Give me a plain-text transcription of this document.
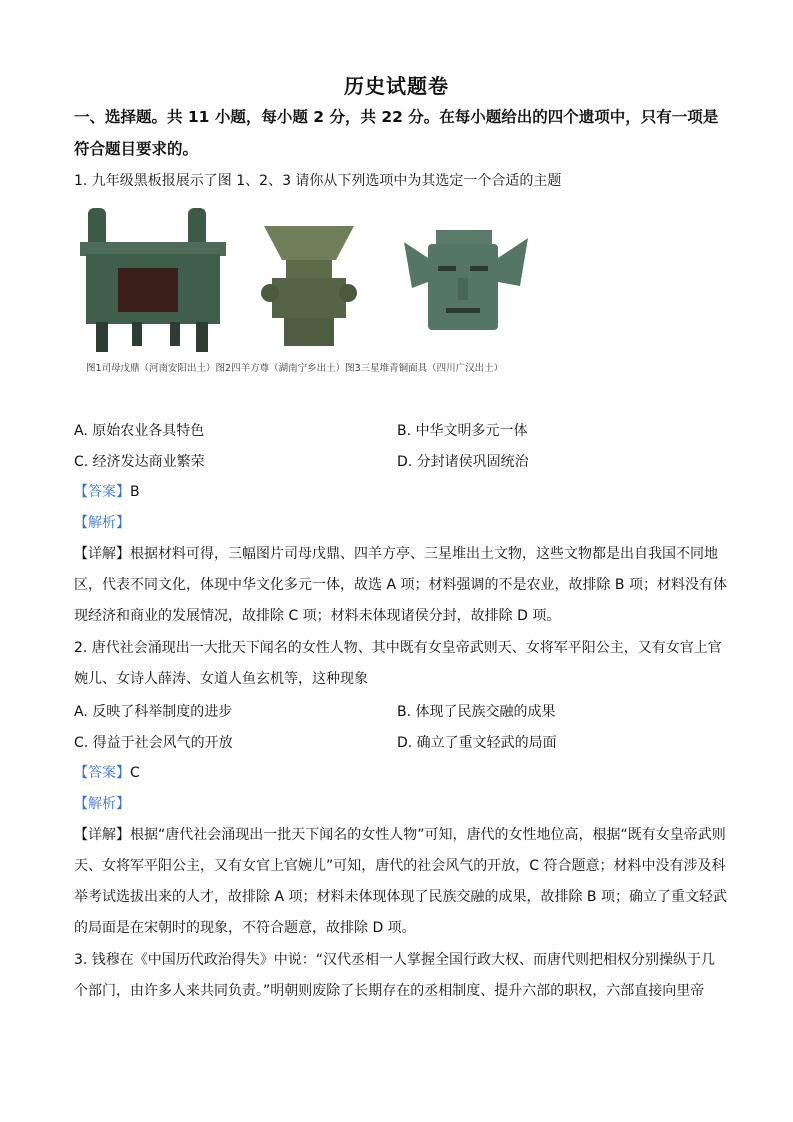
历史试题卷
一、选择题。共 11 小题，每小题 2 分，共 22 分。在每小题给出的四个遗项中，只有一项是
符合题目要求的。
1. 九年级黑板报展示了图 1、2、3 请你从下列选项中为其选定一个合适的主题
图1司母戊鼎（河南安阳出土）图2四羊方尊（湖南宁乡出土）图3三星堆青铜面具（四川广汉出土）
A. 原始农业各具特色	B. 中华文明多元一体
C. 经济发达商业繁荣	D. 分封诸侯巩固统治
【答案】B
【解析】
【详解】根据材料可得，三幅图片司母戊鼎、四羊方亭、三星堆出土文物，这些文物都是出自我国不同地
区，代表不同文化，体现中华文化多元一体，故选 A 项；材料强调的不是农业，故排除 B 项；材料没有体
现经济和商业的发展情况，故排除 C 项；材料未体现诸侯分封，故排除 D 项。
2. 唐代社会涌现出一大批天下闻名的女性人物、其中既有女皇帝武则天、女将军平阳公主，又有女官上官
婉儿、女诗人薛涛、女道人鱼玄机等，这种现象
A. 反映了科举制度的进步	B. 体现了民族交融的成果
C. 得益于社会风气的开放	D. 确立了重文轻武的局面
【答案】C
【解析】
【详解】根据“唐代社会涌现出一批天下闻名的女性人物”可知，唐代的女性地位高，根据“既有女皇帝武则
天、女将军平阳公主，又有女官上官婉儿”可知，唐代的社会风气的开放，C 符合题意；材料中没有涉及科
举考试选拔出来的人才，故排除 A 项；材料未体现体现了民族交融的成果，故排除 B 项；确立了重文轻武
的局面是在宋朝时的现象，不符合题意，故排除 D 项。
3. 钱穆在《中国历代政治得失》中说：“汉代丞相一人掌握全国行政大权、而唐代则把相权分别操纵于几
个部门，由许多人来共同负责。”明朝则废除了长期存在的丞相制度、提升六部的职权，六部直接向里帝
